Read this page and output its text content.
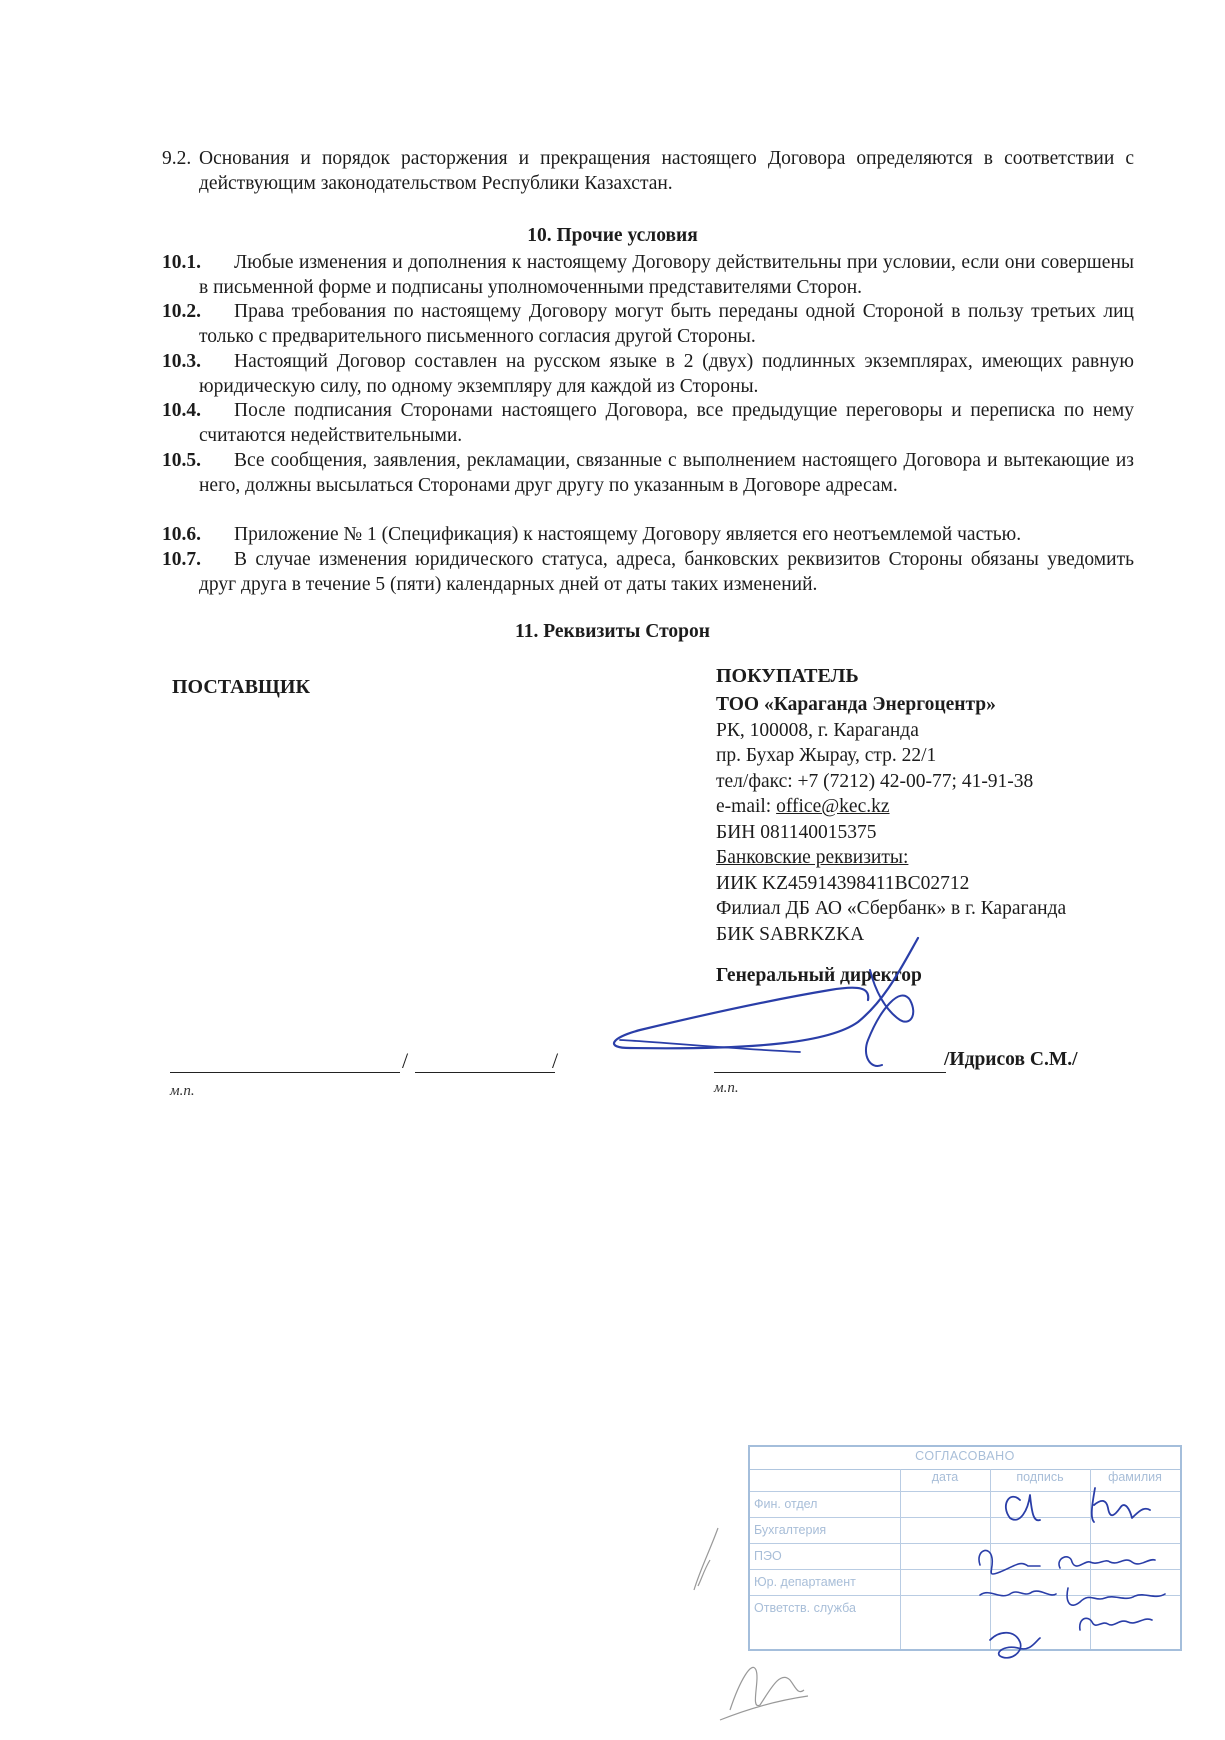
9.2. Основания и порядок расторжения и прекращения настоящего Договора определяются в соответствии с действующим законодательством Республики Казахстан.
10. Прочие условия
10.1.	Любые изменения и дополнения к настоящему Договору действительны при условии, если они совершены в письменной форме и подписаны уполномоченными представителями Сторон.
10.2.	Права требования по настоящему Договору могут быть переданы одной Стороной в пользу третьих лиц только с предварительного письменного согласия другой Стороны.
10.3.	Настоящий Договор составлен на русском языке в 2 (двух) подлинных экземплярах, имеющих равную юридическую силу, по одному экземпляру для каждой из Стороны.
10.4.	После подписания Сторонами настоящего Договора, все предыдущие переговоры и переписка по нему считаются недействительными.
10.5.	Все сообщения, заявления, рекламации, связанные с выполнением настоящего Договора и вытекающие из него, должны высылаться Сторонами друг другу по указанным в Договоре адресам.
10.6.	Приложение № 1 (Спецификация) к настоящему Договору является его неотъемлемой частью.
10.7.	В случае изменения юридического статуса, адреса, банковских реквизитов Стороны обязаны уведомить друг друга в течение 5 (пяти) календарных дней от даты таких изменений.
11. Реквизиты Сторон
ПОСТАВЩИК	ПОКУПАТЕЛЬ
ТОО «Караганда Энергоцентр»
РК, 100008, г. Караганда
пр. Бухар Жырау, стр. 22/1
тел/факс: +7 (7212) 42-00-77; 41-91-38
e-mail: office@kec.kz
БИН 081140015375
Банковские реквизиты:
ИИК KZ45914398411BC02712
Филиал ДБ АО «Сбербанк» в г. Караганда
БИК SABRKZKA
Генеральный директор
/	/
м.п.
/Идрисов С.М./
м.п.
СОГЛАСОВАНО
дата	подпись	фамилия
Фин. отдел
Бухгалтерия
ПЭО
Юр. департамент
Ответств. служба
